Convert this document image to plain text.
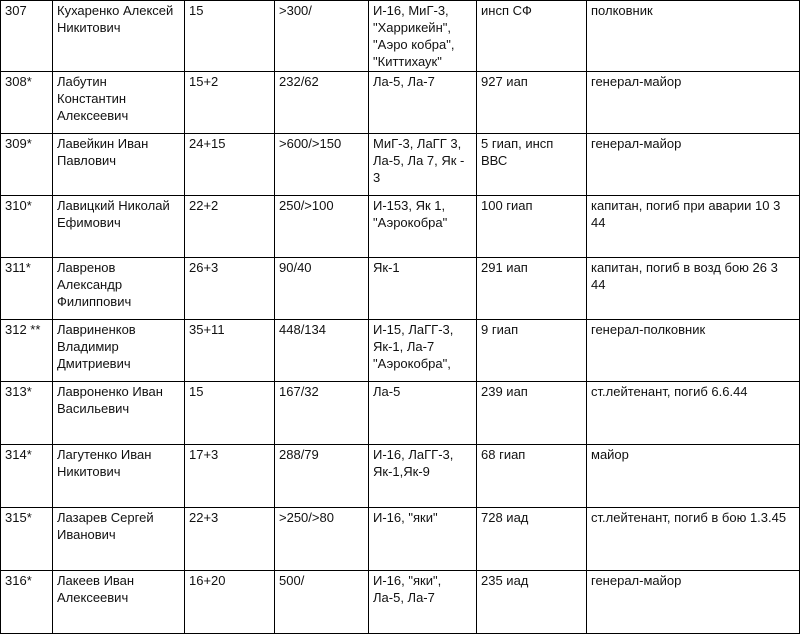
307	Кухаренко Алексей Никитович	15	>300/	И-16, МиГ-3, "Харрикейн", "Аэро кобра", "Киттихаук"	инсп СФ	полковник
308*	Лабутин Константин Алексеевич	15+2	232/62	Ла-5, Ла-7	927 иап	генерал-майор
309*	Лавейкин Иван Павлович	24+15	>600/>150	МиГ-3, ЛаГГ 3, Ла-5, Ла 7, Як - 3	5 гиап, инсп ВВС	генерал-майор
310*	Лавицкий Николай Ефимович	22+2	250/>100	И-153, Як 1, "Аэрокобра"	100 гиап	капитан, погиб при аварии 10 3 44
311*	Лавренов Александр Филиппович	26+3	90/40	Як-1	291 иап	капитан, погиб в возд бою 26 3 44
312 **	Лавриненков Владимир Дмитриевич	35+11	448/134	И-15, ЛаГГ-3, Як-1, Ла-7 "Аэрокобра",	9 гиап	генерал-полковник
313*	Лавроненко Иван Васильевич	15	167/32	Ла-5	239 иап	ст.лейтенант, погиб 6.6.44
314*	Лагутенко Иван Никитович	17+3	288/79	И-16, ЛаГГ-3, Як-1,Як-9	68 гиап	майор
315*	Лазарев Сергей Иванович	22+3	>250/>80	И-16, "яки"	728 иад	ст.лейтенант, погиб в бою 1.3.45
316*	Лакеев Иван Алексеевич	16+20	500/	И-16, "яки", Ла-5, Ла-7	235 иад	генерал-майор
